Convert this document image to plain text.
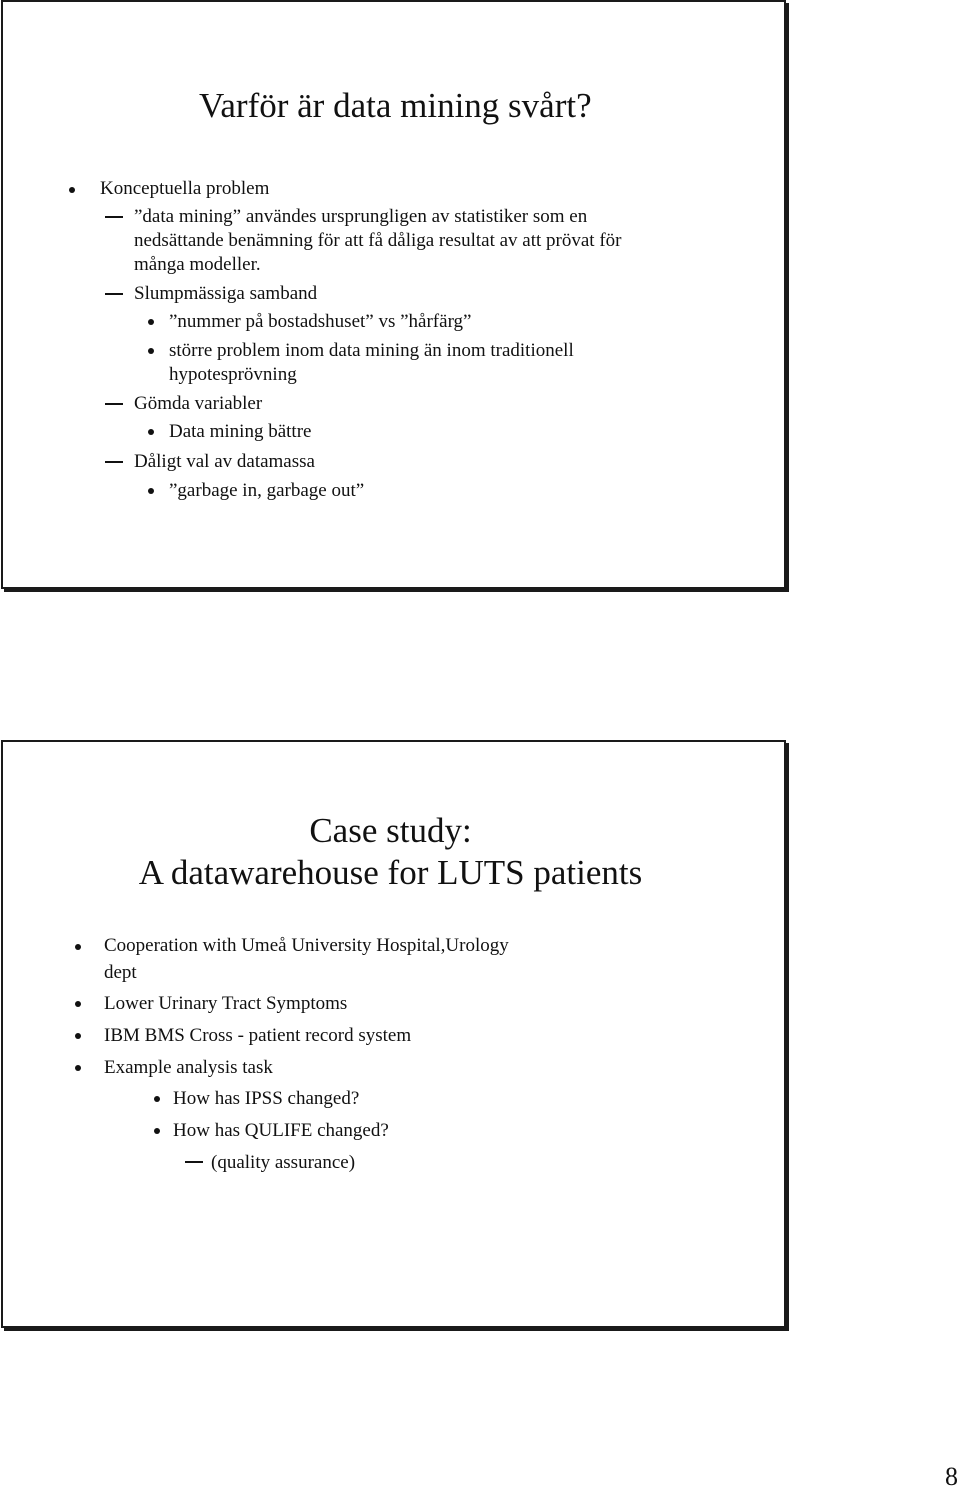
Varför är data mining svårt?
Konceptuella problem
”data mining” användes ursprungligen av statistiker som en
nedsättande benämning för att få dåliga resultat av att prövat för
många modeller.
Slumpmässiga samband
”nummer på bostadshuset” vs ”hårfärg”
större problem inom data mining än inom traditionell
hypotesprövning
Gömda variabler
Data mining bättre
Dåligt val av datamassa
”garbage in, garbage out”
Case study:
A datawarehouse for LUTS patients
Cooperation with Umeå University Hospital,Urology
dept
Lower Urinary Tract Symptoms
IBM BMS Cross - patient record system
Example analysis task
How has IPSS changed?
How has QULIFE changed?
(quality assurance)
8
